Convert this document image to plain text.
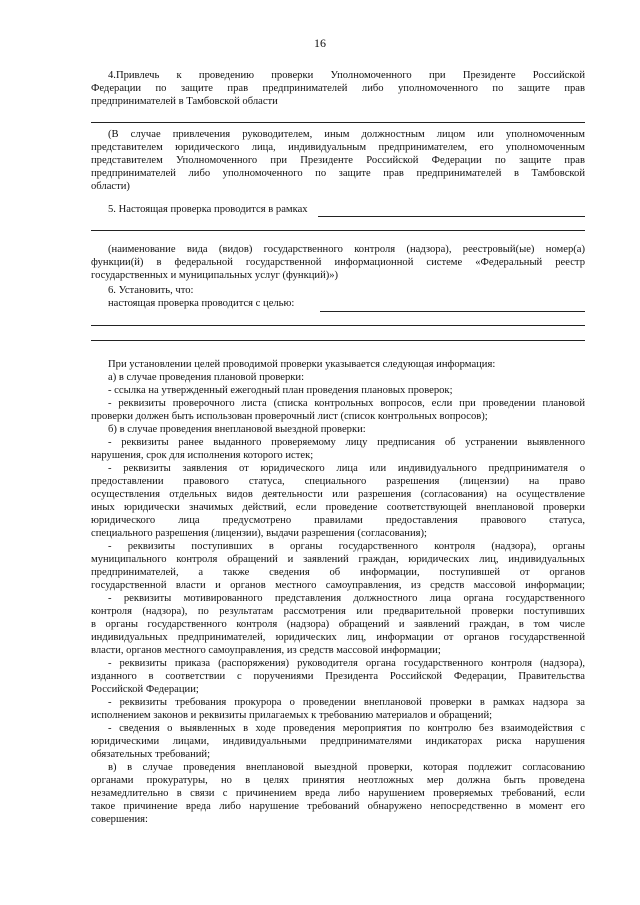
16

4.Привлечь к проведению проверки Уполномоченного при Президенте Российской

Федерации по защите прав предпринимателей либо уполномоченного по защите прав

предпринимателей в Тамбовской области

(В случае привлечения руководителем, иным должностным лицом или уполномоченным

представителем юридического лица, индивидуальным предпринимателем, его уполномоченным

представителем Уполномоченного при Президенте Российской Федерации по защите прав

предпринимателей либо уполномоченного по защите прав предпринимателей в Тамбовской

области)

5. Настоящая проверка проводится в рамках

(наименование вида (видов) государственного контроля (надзора), реестровый(ые) номер(а)

функции(й) в федеральной государственной информационной системе «Федеральный реестр

государственных и муниципальных услуг (функций)»)

6. Установить, что:

настоящая проверка проводится с целью:

При установлении целей проводимой проверки указывается следующая информация:

а) в случае проведения плановой проверки:

- ссылка на утвержденный ежегодный план проведения плановых проверок;

- реквизиты проверочного листа (списка контрольных вопросов, если при проведении плановой

проверки должен быть использован проверочный лист (список контрольных вопросов);

б) в случае проведения внеплановой выездной проверки:

- реквизиты ранее выданного проверяемому лицу предписания об устранении выявленного

нарушения, срок для исполнения которого истек;

- реквизиты заявления от юридического лица или индивидуального предпринимателя о

предоставлении правового статуса, специального разрешения (лицензии) на право

осуществления отдельных видов деятельности или разрешения (согласования) на осуществление

иных юридически значимых действий, если проведение соответствующей внеплановой проверки

юридического лица предусмотрено правилами предоставления правового статуса,

специального разрешения (лицензии), выдачи разрешения (согласования);

- реквизиты поступивших в органы государственного контроля (надзора), органы

муниципального контроля обращений и заявлений граждан, юридических лиц, индивидуальных

предпринимателей, а также сведения об информации, поступившей от органов

государственной власти и органов местного самоуправления, из средств массовой информации;

- реквизиты мотивированного представления должностного лица органа государственного

контроля (надзора), по результатам рассмотрения или предварительной проверки поступивших

в органы государственного контроля (надзора) обращений и заявлений граждан, в том числе

индивидуальных предпринимателей, юридических лиц, информации от органов государственной

власти, органов местного самоуправления, из средств массовой информации;

- реквизиты приказа (распоряжения) руководителя органа государственного контроля (надзора),

изданного в соответствии с поручениями Президента Российской Федерации, Правительства

Российской Федерации;

- реквизиты требования прокурора о проведении внеплановой проверки в рамках надзора за

исполнением законов и реквизиты прилагаемых к требованию материалов и обращений;

- сведения о выявленных в ходе проведения мероприятия по контролю без взаимодействия с

юридическими лицами, индивидуальными предпринимателями индикаторах риска нарушения

обязательных требований;

в) в случае проведения внеплановой выездной проверки, которая подлежит согласованию

органами прокуратуры, но в целях принятия неотложных мер должна быть проведена

незамедлительно в связи с причинением вреда либо нарушением проверяемых требований, если

такое причинение вреда либо нарушение требований обнаружено непосредственно в момент его

совершения:
